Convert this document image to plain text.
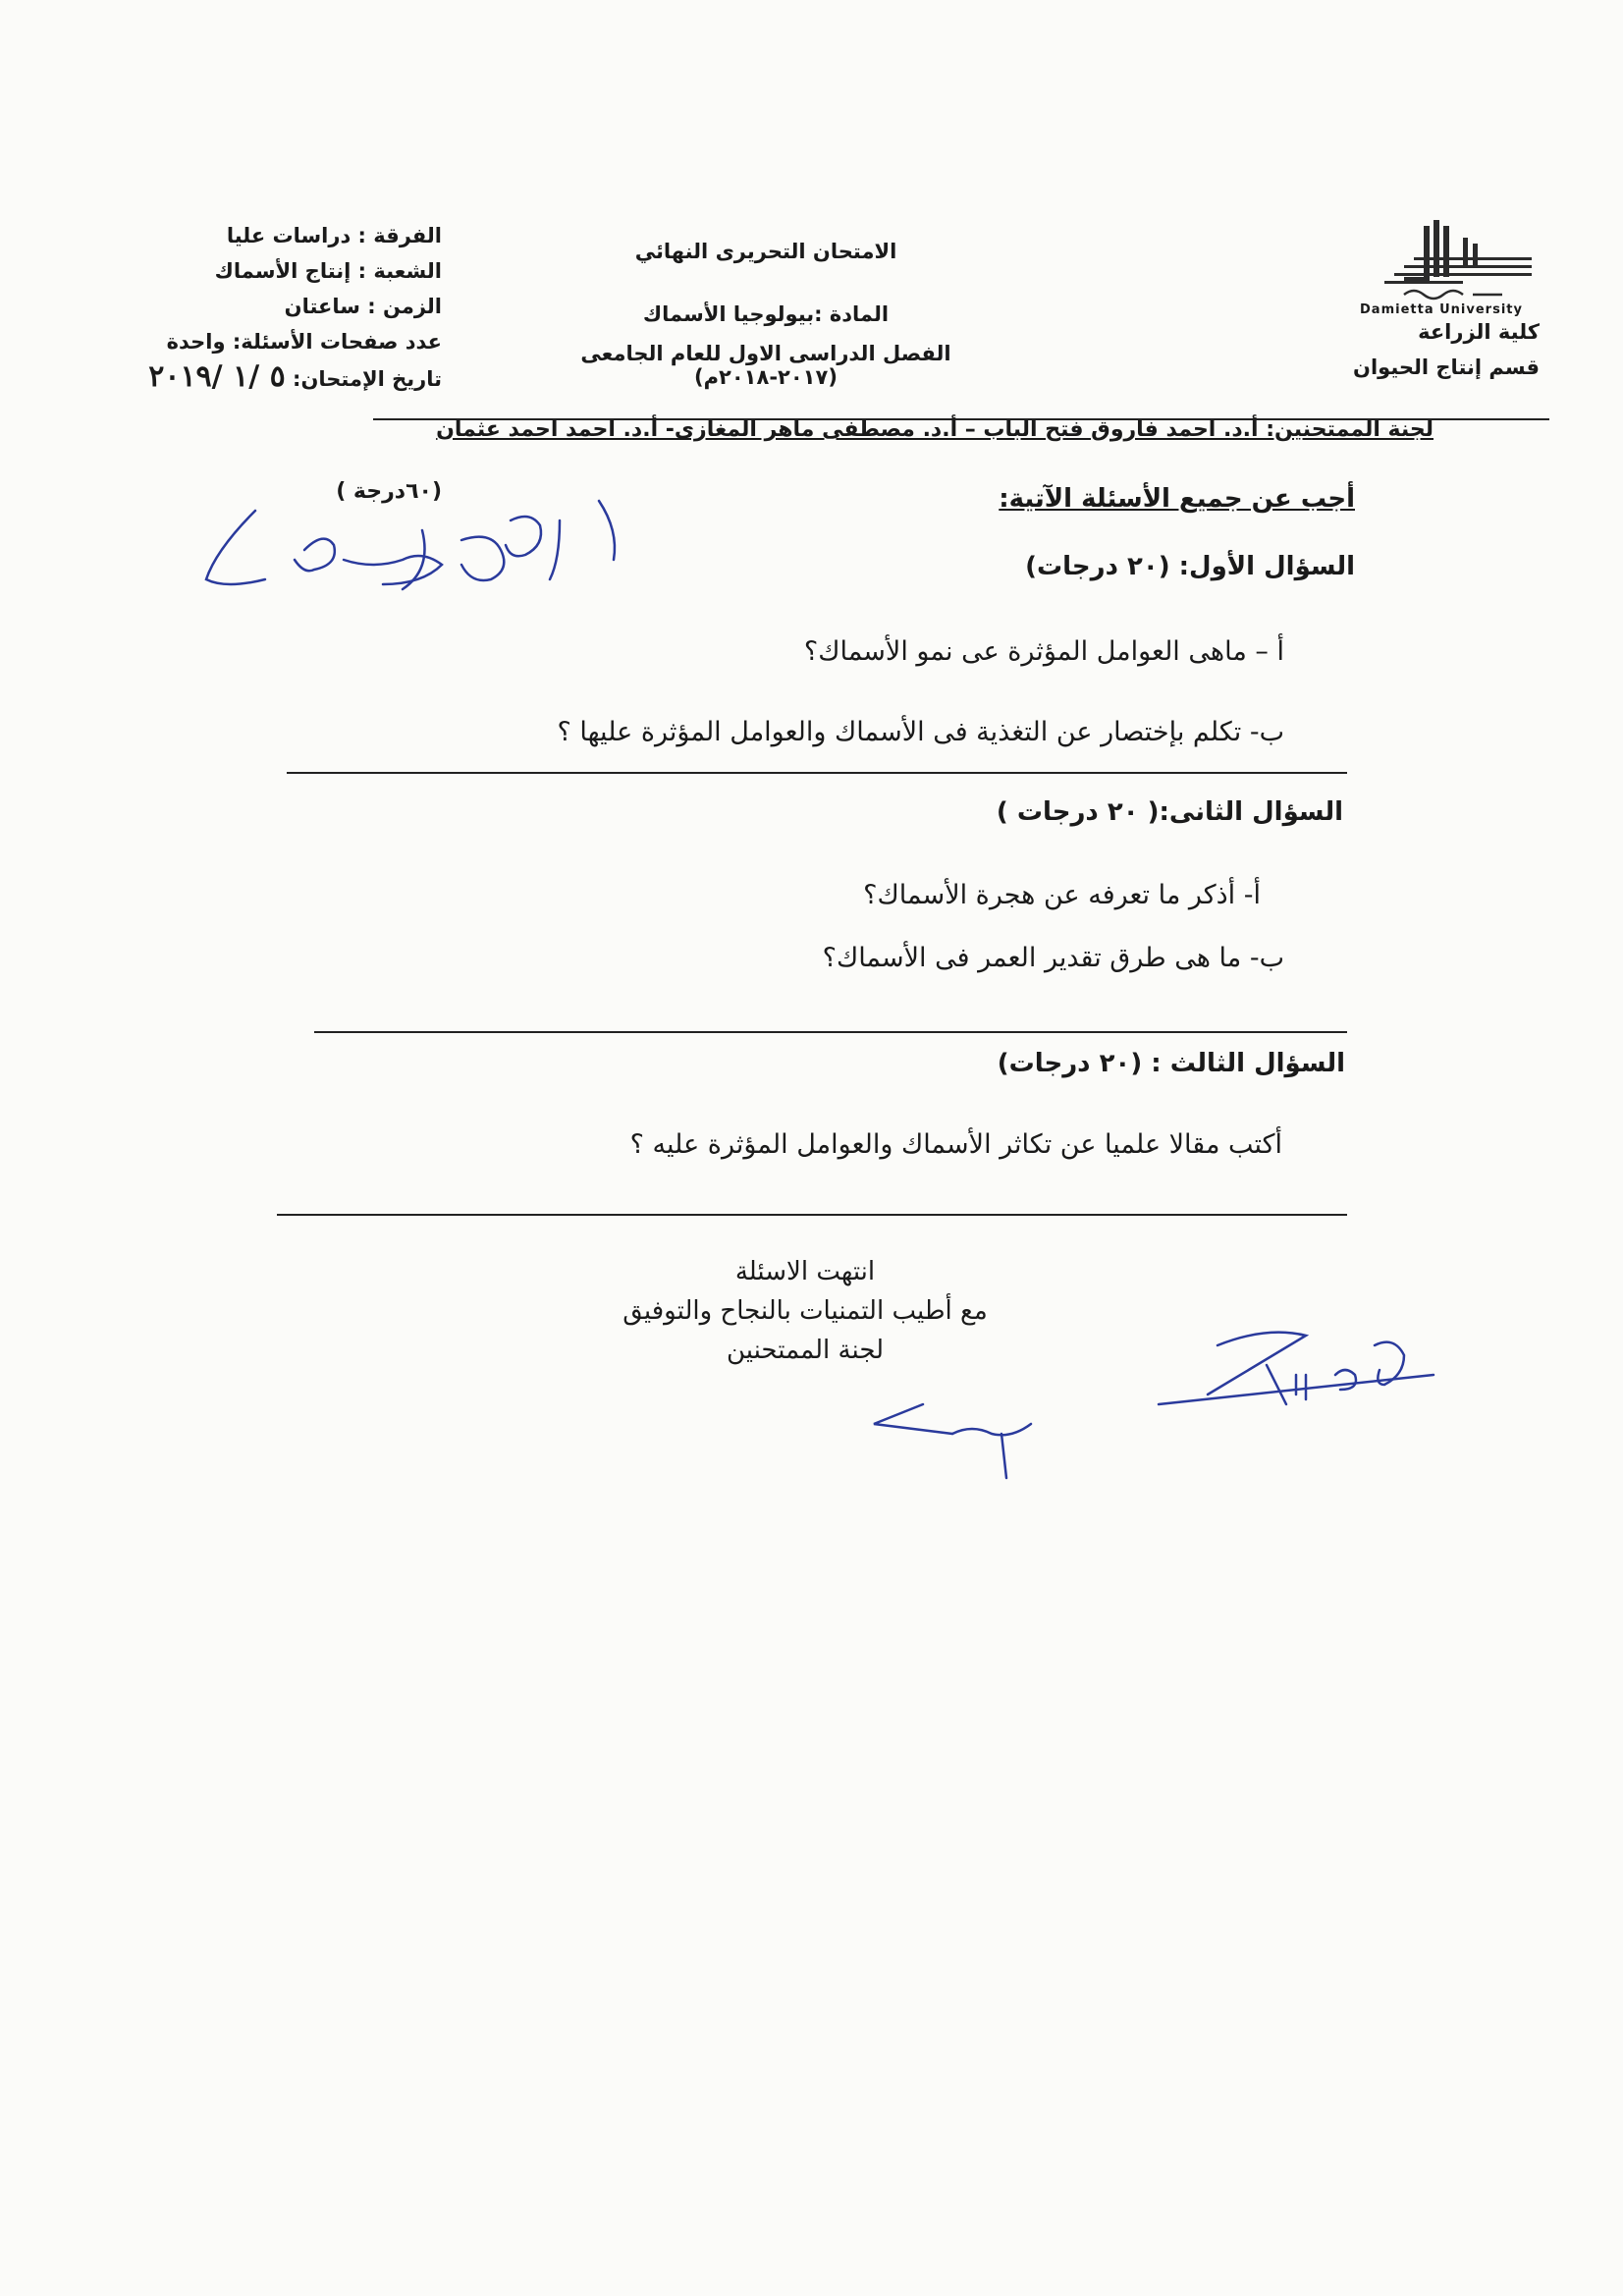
الفرقة : دراسات عليا
الشعبة : إنتاج الأسماك
الزمن : ساعتان
عدد صفحات الأسئلة: واحدة
تاريخ الإمتحان: ٥ /١ /٢٠١٩
الامتحان التحريرى النهائي
المادة :بيولوجيا الأسماك
الفصل الدراسى الاول للعام الجامعى (٢٠١٧-٢٠١٨م)
Damietta University
كلية الزراعة
قسم إنتاج الحيوان
لجنة الممتحنين: أ.د. احمد فاروق فتح الباب – أ.د. مصطفى ماهر المغازى- أ.د. احمد احمد عثمان
أجب عن جميع الأسئلة الآتية:
(٦٠درجة )
السؤال الأول: (٢٠ درجات)
أ – ماهى العوامل المؤثرة عى نمو الأسماك؟
ب- تكلم بإختصار عن التغذية فى الأسماك والعوامل المؤثرة عليها ؟
السؤال الثانى:( ٢٠ درجات )
أ- أذكر ما تعرفه عن هجرة الأسماك؟
ب- ما هى طرق تقدير العمر فى الأسماك؟
السؤال الثالث : (٢٠ درجات)
أكتب مقالا علميا عن تكاثر الأسماك والعوامل المؤثرة عليه ؟
انتهت الاسئلة
مع أطيب التمنيات بالنجاح والتوفيق
لجنة الممتحنين
